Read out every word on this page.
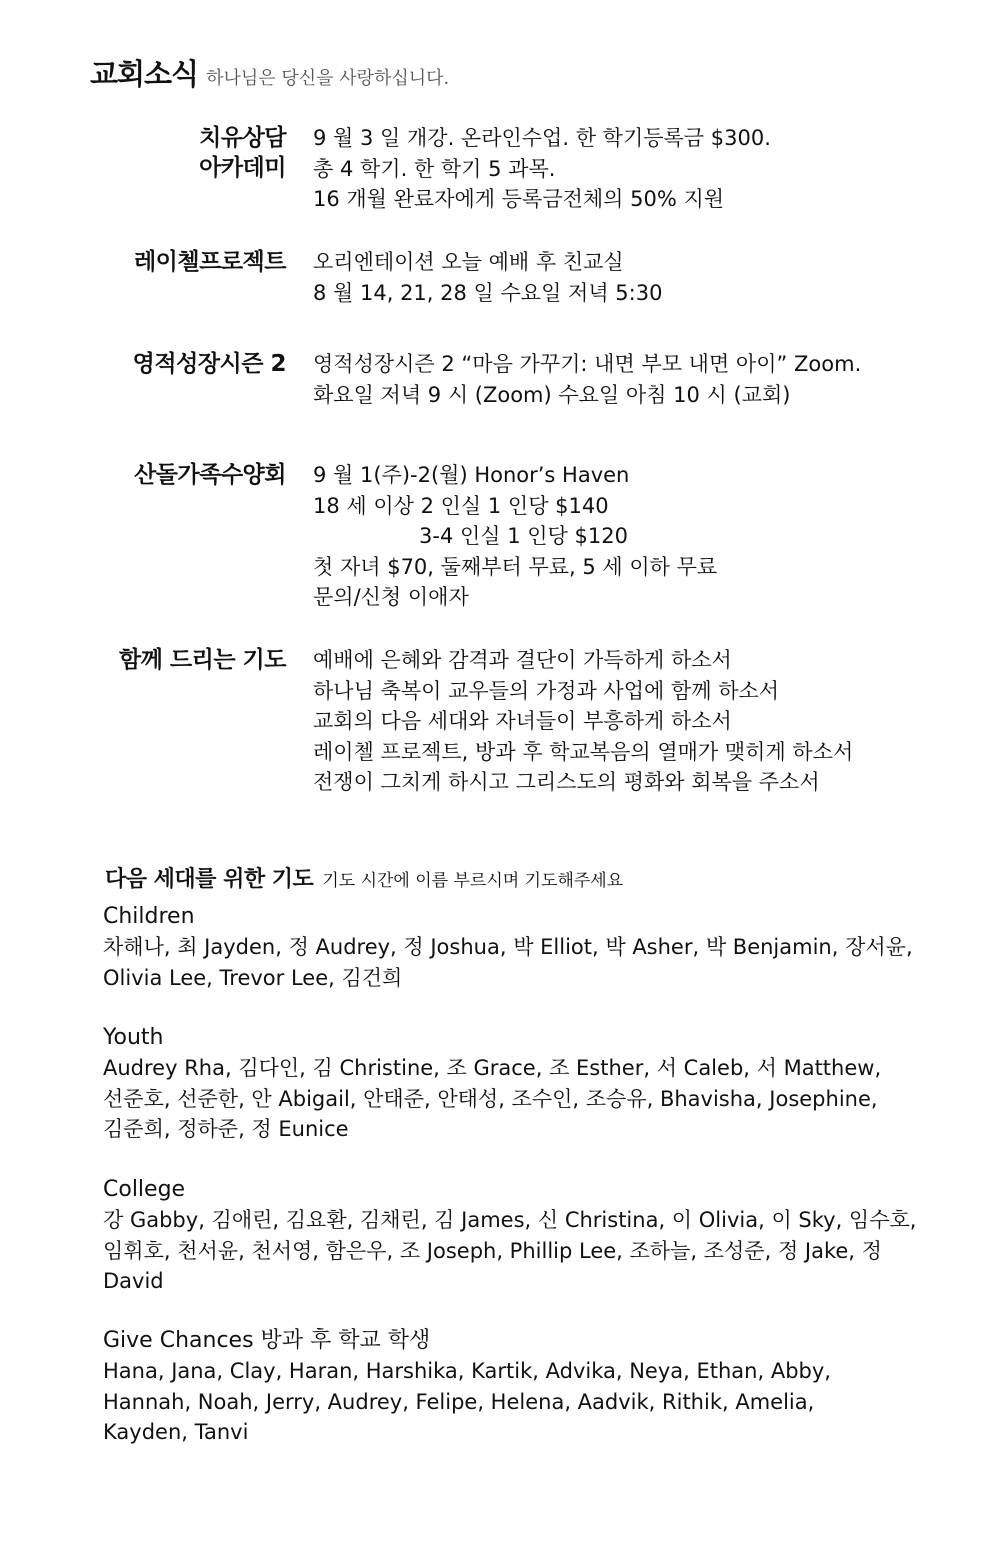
교회소식 하나님은 당신을 사랑하십니다.
치유상담
아카데미
9 월 3 일 개강. 온라인수업. 한 학기등록금 $300.
총 4 학기. 한 학기 5 과목.
16 개월 완료자에게 등록금전체의 50% 지원
레이첼프로젝트 오리엔테이션 오늘 예배 후 친교실
8 월 14, 21, 28 일 수요일 저녁 5:30
영적성장시즌 2 영적성장시즌 2 “마음 가꾸기: 내면 부모 내면 아이” Zoom.
화요일 저녁 9 시 (Zoom) 수요일 아침 10 시 (교회)
산돌가족수양회 9 월 1(주)-2(월) Honor’s Haven
18 세 이상 2 인실 1 인당 $140
3-4 인실 1 인당 $120
첫 자녀 $70, 둘째부터 무료, 5 세 이하 무료
문의/신청 이애자
함께 드리는 기도 예배에 은혜와 감격과 결단이 가득하게 하소서
하나님 축복이 교우들의 가정과 사업에 함께 하소서
교회의 다음 세대와 자녀들이 부흥하게 하소서
레이첼 프로젝트, 방과 후 학교복음의 열매가 맺히게 하소서
전쟁이 그치게 하시고 그리스도의 평화와 회복을 주소서
다음 세대를 위한 기도 기도 시간에 이름 부르시며 기도해주세요
Children
차해나, 최 Jayden, 정 Audrey, 정 Joshua, 박 Elliot, 박 Asher, 박 Benjamin, 장서윤,
Olivia Lee, Trevor Lee, 김건희
Youth
Audrey Rha, 김다인, 김 Christine, 조 Grace, 조 Esther, 서 Caleb, 서 Matthew,
선준호, 선준한, 안 Abigail, 안태준, 안태성, 조수인, 조승유, Bhavisha, Josephine,
김준희, 정하준, 정 Eunice
College
강 Gabby, 김애린, 김요환, 김채린, 김 James, 신 Christina, 이 Olivia, 이 Sky, 임수호,
임휘호, 천서윤, 천서영, 함은우, 조 Joseph, Phillip Lee, 조하늘, 조성준, 정 Jake, 정
David
Give Chances 방과 후 학교 학생
Hana, Jana, Clay, Haran, Harshika, Kartik, Advika, Neya, Ethan, Abby,
Hannah, Noah, Jerry, Audrey, Felipe, Helena, Aadvik, Rithik, Amelia,
Kayden, Tanvi
